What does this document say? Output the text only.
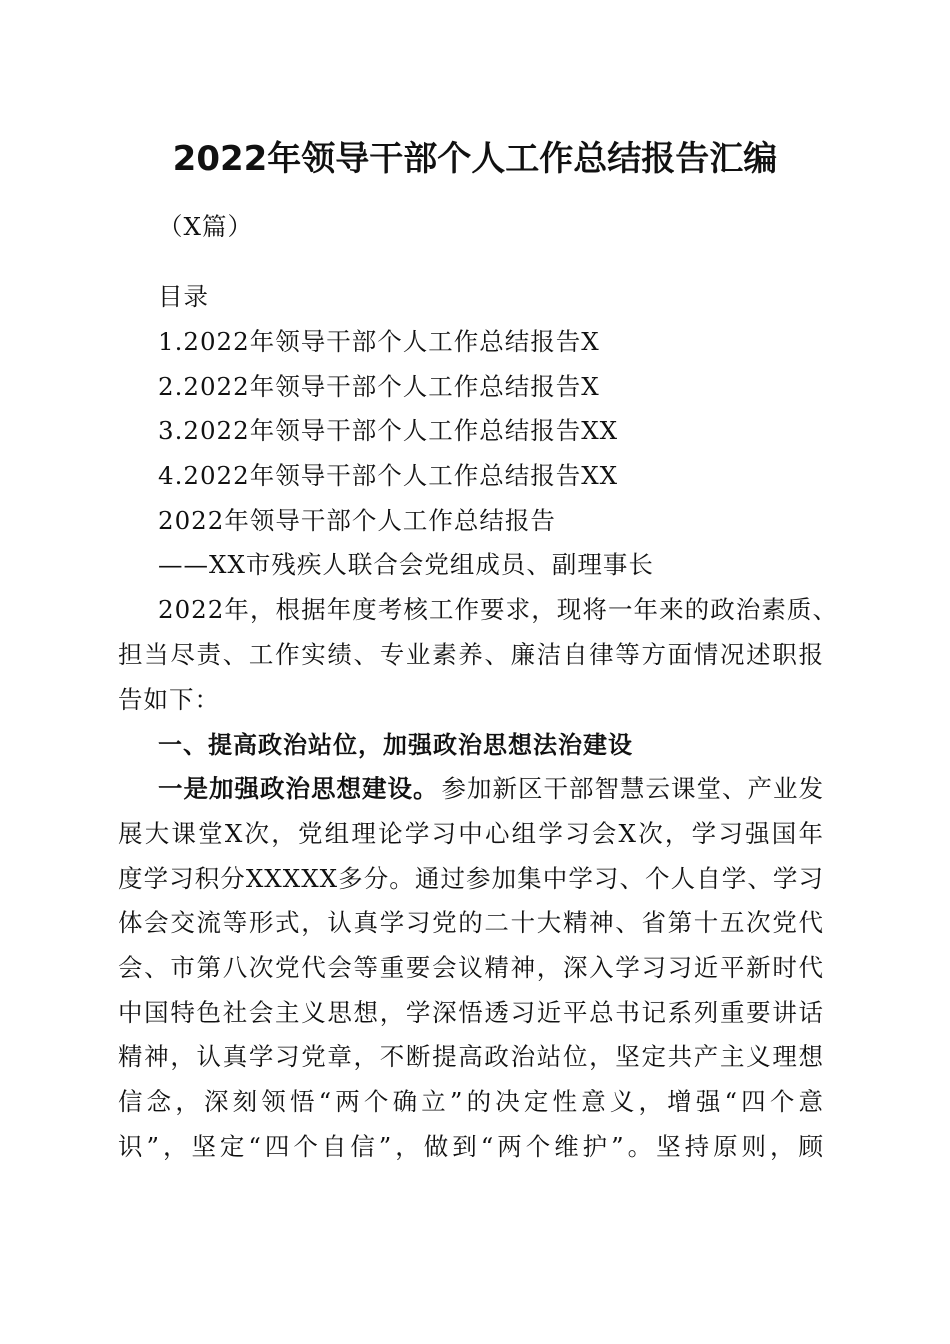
2022年领导干部个人工作总结报告汇编
（X篇）
目录
1.2022年领导干部个人工作总结报告X
2.2022年领导干部个人工作总结报告X
3.2022年领导干部个人工作总结报告XX
4.2022年领导干部个人工作总结报告XX
2022年领导干部个人工作总结报告
——XX市残疾人联合会党组成员、副理事长
2022年，根据年度考核工作要求，现将一年来的政治素质、
担当尽责、工作实绩、专业素养、廉洁自律等方面情况述职报
告如下：
一、提高政治站位，加强政治思想法治建设
一是加强政治思想建设。 参加新区干部智慧云课堂、产业发
展大课堂X次，党组理论学习中心组学习会X次，学习强国年
度学习积分XXXXX多分。通过参加集中学习、个人自学、学习
体会交流等形式，认真学习党的二十大精神、省第十五次党代
会、市第八次党代会等重要会议精神，深入学习习近平新时代
中国特色社会主义思想，学深悟透习近平总书记系列重要讲话
精神，认真学习党章，不断提高政治站位，坚定共产主义理想
信念，深刻领悟“两个确立”的决定性意义，增强“四个意
识”，坚定“四个自信”，做到“两个维护”。坚持原则，顾
